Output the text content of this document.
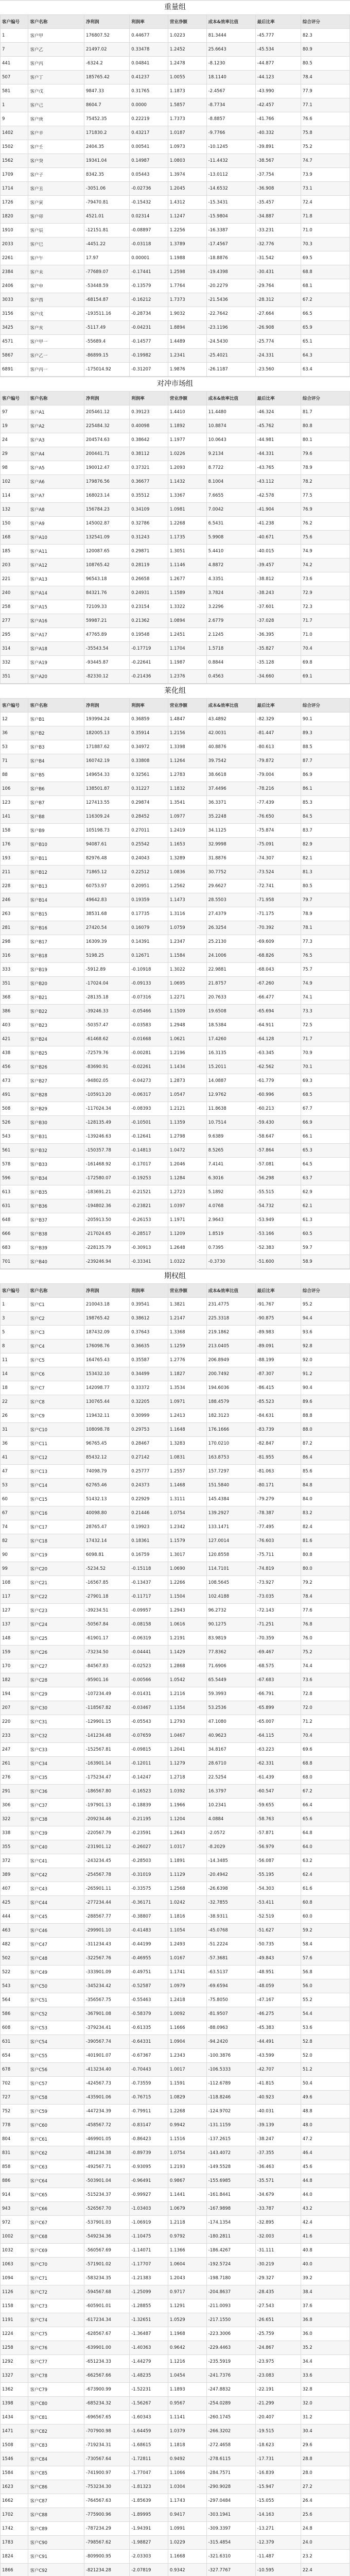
重量组
客户编号	客户名称	净利润	利润率	营业净额	成本&效率比值	最后比率	综合评分
1	客户甲	176807.52	0.44677	1.0223	81.3444	-45.777	82.3
7	客户乙	21497.02	0.33478	1.2452	25.6643	-45.534	80.9
441	客户丙	-6324.2	0.04841	1.2478	-8.1230	-44.877	80.5
507	客户丁	185765.42	0.41237	1.0055	18.1140	-44.123	78.4
581	客户戊	9847.33	0.31765	1.1873	-2.4567	-43.990	77.9
1	客户己	8604.7	0.0000	1.5857	-8.7734	-42.457	77.1
9	客户庚	75452.35	0.22219	1.7373	-8.8857	-41.766	76.6
1402	客户辛	171830.2	0.43217	1.0187	-9.7766	-40.332	75.8
1502	客户壬	2404.35	0.00541	1.0973	-10.1245	-39.891	75.2
1562	客户癸	19341.04	0.14987	1.0803	-11.4432	-38.567	74.7
1709	客户子	8342.35	0.05443	1.3974	-13.0112	-37.754	73.9
1714	客户丑	-3051.06	-0.02736	1.2045	-14.6532	-36.908	73.1
1726	客户寅	-79470.81	-0.15432	1.4312	-15.3431	-35.457	72.4
1820	客户卯	4521.01	0.02314	1.1247	-15.9804	-34.887	71.8
1910	客户辰	-12151.81	-0.08897	1.2256	-16.3387	-33.231	71.0
2033	客户巳	-4451.22	-0.03118	1.3789	-17.4567	-32.776	70.3
2261	客户午	17.97	0.00001	1.1988	-18.8876	-31.542	69.5
2384	客户未	-77689.07	-0.17441	1.2598	-19.4398	-30.431	68.8
2406	客户申	-53448.59	-0.13579	1.7764	-20.2279	-29.764	68.1
3033	客户酉	-68154.87	-0.16212	1.7373	-21.5436	-28.312	67.2
3156	客户戌	-193511.16	-0.28734	1.9032	-22.7642	-27.664	66.5
3425	客户亥	-5117.49	-0.04231	1.8894	-23.1196	-26.908	65.9
4571	客户甲一	-55689.4	-0.14577	1.4489	-24.5430	-25.774	65.1
5867	客户乙一	-86899.15	-0.19982	1.2341	-25.4021	-24.331	64.3
6891	客户丙一	-175014.92	-0.31207	1.9876	-26.1187	-23.560	63.4
对冲市场组
客户编号	客户名称	净利润	利润率	营业净额	成本&效率比值	最后比率	综合评分
97	客户A1	205461.12	0.39123	1.4410	11.4480	-46.324	81.7
19	客户A2	225484.32	0.40098	1.1892	10.8874	-45.762	80.8
24	客户A3	204574.63	0.38642	1.1977	10.0643	-44.981	80.1
29	客户A4	200441.71	0.38112	1.0226	9.2134	-44.331	79.6
98	客户A5	190012.47	0.37321	1.2093	8.7722	-43.765	78.9
102	客户A6	179876.56	0.36677	1.1432	8.1004	-43.112	78.2
114	客户A7	168023.14	0.35512	1.3367	7.6655	-42.578	77.5
132	客户A8	156784.23	0.34109	1.0981	7.0042	-41.904	76.9
150	客户A9	145002.87	0.32786	1.2268	6.5431	-41.238	76.2
168	客户A10	132541.09	0.31243	1.1735	5.9908	-40.671	75.6
185	客户A11	120087.65	0.29871	1.3051	5.4410	-40.015	74.9
203	客户A12	108765.42	0.28119	1.1146	4.8872	-39.457	74.2
221	客户A13	96543.18	0.26658	1.2677	4.3351	-38.812	73.6
240	客户A14	84321.76	0.24931	1.1589	3.7824	-38.243	72.9
258	客户A15	72109.33	0.23154	1.3322	3.2296	-37.601	72.3
277	客户A16	59987.21	0.21362	1.0894	2.6779	-37.028	71.7
295	客户A17	47765.89	0.19548	1.2451	2.1245	-36.395	71.0
314	客户A18	-35543.54	-0.17719	1.1704	1.5718	-35.827	70.4
332	客户A19	-93445.87	-0.22641	1.1987	0.8844	-35.128	69.8
351	客户A20	-82330.12	-0.21436	1.2376	0.4563	-34.660	69.1
莱化组
客户编号	客户名称	净利润	利润率	营业净额	成本&效率比值	最后比率	综合评分
12	客户B1	193994.24	0.36859	1.4847	43.4892	-82.329	90.1
36	客户B2	182005.13	0.35914	1.2156	42.0031	-81.447	89.3
53	客户B3	171887.62	0.34972	1.3398	40.8876	-80.613	88.5
71	客户B4	160742.19	0.33808	1.1264	39.7542	-79.872	87.7
88	客户B5	149654.33	0.32561	1.2783	38.6618	-79.004	86.9
106	客户B6	138501.87	0.31227	1.1832	37.4496	-78.216	86.1
123	客户B7	127413.55	0.29874	1.3541	36.3371	-77.439	85.3
141	客户B8	116309.24	0.28452	1.0977	35.2248	-76.650	84.5
158	客户B9	105198.73	0.27011	1.2419	34.1125	-75.874	83.7
176	客户B10	94087.61	0.25542	1.1653	32.9998	-75.091	82.9
193	客户B11	82976.48	0.24043	1.3289	31.8876	-74.307	82.1
211	客户B12	71865.12	0.22512	1.0836	30.7752	-73.524	81.3
228	客户B13	60753.97	0.20951	1.2562	29.6627	-72.741	80.5
246	客户B14	49642.83	0.19359	1.1473	28.5503	-71.958	79.7
263	客户B15	38531.68	0.17735	1.3116	27.4379	-71.175	78.9
281	客户B16	27420.54	0.16079	1.0759	26.3254	-70.392	78.1
298	客户B17	16309.39	0.14391	1.2347	25.2130	-69.609	77.3
316	客户B18	5198.25	0.12671	1.1584	24.1006	-68.826	76.5
333	客户B19	-5912.89	-0.10918	1.3022	22.9881	-68.043	75.7
351	客户B20	-17024.04	-0.09133	1.0695	21.8757	-67.260	74.9
368	客户B21	-28135.18	-0.07316	1.2271	20.7633	-66.477	74.1
386	客户B22	-39246.33	-0.05466	1.1509	19.6508	-65.694	73.3
403	客户B23	-50357.47	-0.03583	1.2948	18.5384	-64.911	72.5
421	客户B24	-61468.62	-0.01668	1.0621	17.4260	-64.128	71.7
438	客户B25	-72579.76	-0.00281	1.2196	16.3135	-63.345	70.9
456	客户B26	-83690.91	-0.02261	1.1434	15.2011	-62.562	70.1
473	客户B27	-94802.05	-0.04273	1.2873	14.0887	-61.779	69.3
491	客户B28	-105913.20	-0.06317	1.0547	12.9762	-60.996	68.5
508	客户B29	-117024.34	-0.08393	1.2121	11.8638	-60.213	67.7
526	客户B30	-128135.49	-0.10501	1.1359	10.7514	-59.430	66.9
543	客户B31	-139246.63	-0.12641	1.2798	9.6389	-58.647	66.1
561	客户B32	-150357.78	-0.14813	1.0472	8.5265	-57.864	65.3
578	客户B33	-161468.92	-0.17017	1.2046	7.4141	-57.081	64.5
596	客户B34	-172580.07	-0.19253	1.1284	6.3016	-56.298	63.7
613	客户B35	-183691.21	-0.21521	1.2723	5.1892	-55.515	62.9
631	客户B36	-194802.36	-0.23821	1.0397	4.0768	-54.732	62.1
648	客户B37	-205913.50	-0.26153	1.1971	2.9643	-53.949	61.3
666	客户B38	-217024.65	-0.28517	1.1209	1.8519	-53.166	60.5
683	客户B39	-228135.79	-0.30913	1.2648	0.7395	-52.383	59.7
701	客户B40	-239246.94	-0.33341	1.0322	-0.3730	-51.600	58.9
期权组
客户编号	客户名称	净利润	利润率	营业净额	成本&效率比值	最后比率	综合评分
1	客户C1	210043.18	0.39541	1.3821	231.4775	-91.767	95.2
3	客户C2	198765.42	0.38612	1.2147	225.3318	-90.875	94.4
5	客户C3	187432.09	0.37643	1.3368	219.1862	-89.983	93.6
8	客户C4	176098.76	0.36635	1.1259	213.0405	-89.091	92.8
11	客户C5	164765.43	0.35587	1.2776	206.8949	-88.199	92.0
14	客户C6	153432.10	0.34499	1.1827	200.7492	-87.307	91.2
18	客户C7	142098.77	0.33372	1.3534	194.6036	-86.415	90.4
22	客户C8	130765.44	0.32205	1.0971	188.4579	-85.523	89.6
26	客户C9	119432.11	0.30999	1.2413	182.3123	-84.631	88.8
31	客户C10	108098.78	0.29753	1.1648	176.1666	-83.739	88.0
36	客户C11	96765.45	0.28467	1.3283	170.0210	-82.847	87.2
41	客户C12	85432.12	0.27142	1.0831	163.8753	-81.955	86.4
47	客户C13	74098.79	0.25777	1.2557	157.7297	-81.063	85.6
53	客户C14	62765.46	0.24373	1.1468	151.5840	-80.171	84.8
60	客户C15	51432.13	0.22929	1.3111	145.4384	-79.279	84.0
67	客户C16	40098.80	0.21446	1.0754	139.2927	-78.387	83.2
74	客户C17	28765.47	0.19923	1.2342	133.1471	-77.495	82.4
82	客户C18	17432.14	0.18361	1.1579	127.0014	-76.603	81.6
90	客户C19	6098.81	0.16759	1.3017	120.8558	-75.711	80.8
99	客户C20	-5234.52	-0.15118	1.0690	114.7101	-74.819	80.0
108	客户C21	-16567.85	-0.13437	1.2266	108.5645	-73.927	79.2
117	客户C22	-27901.18	-0.11717	1.1504	102.4188	-73.035	78.4
127	客户C23	-39234.51	-0.09957	1.2943	96.2732	-72.143	77.6
137	客户C24	-50567.84	-0.08158	1.0616	90.1275	-71.251	76.8
148	客户C25	-61901.17	-0.06319	1.2191	83.9819	-70.359	76.0
159	客户C26	-73234.50	-0.04441	1.1429	77.8362	-69.467	75.2
170	客户C27	-84567.83	-0.02523	1.2868	71.6906	-68.575	74.4
182	客户C28	-95901.16	-0.00566	1.0542	65.5449	-67.683	73.6
194	客户C29	-107234.49	-0.01431	1.2116	59.3993	-66.791	72.8
207	客户C30	-118567.82	-0.03467	1.1354	53.2536	-65.899	72.0
220	客户C31	-129901.15	-0.05543	1.2793	47.1080	-65.007	71.2
233	客户C32	-141234.48	-0.07659	1.0467	40.9623	-64.115	70.4
247	客户C33	-152567.81	-0.09815	1.2041	34.8167	-63.223	69.6
261	客户C34	-163901.14	-0.12011	1.1279	28.6710	-62.331	68.8
276	客户C35	-175234.47	-0.14247	1.2718	22.5254	-61.439	68.0
291	客户C36	-186567.80	-0.16523	1.0392	16.3797	-60.547	67.2
306	客户C37	-197901.13	-0.18839	1.1966	10.2341	-59.655	66.4
322	客户C38	-209234.46	-0.21195	1.1204	4.0884	-58.763	65.6
338	客户C39	-220567.79	-0.23591	1.2643	-2.0572	-57.871	64.8
355	客户C40	-231901.12	-0.26027	1.0317	-8.2029	-56.979	64.0
372	客户C41	-243234.45	-0.28503	1.1891	-14.3485	-56.087	63.2
389	客户C42	-254567.78	-0.31019	1.1129	-20.4942	-55.195	62.4
407	客户C43	-265901.11	-0.33575	1.2568	-26.6398	-54.303	61.6
425	客户C44	-277234.44	-0.36171	1.0242	-32.7855	-53.411	60.8
444	客户C45	-288567.77	-0.38807	1.1816	-38.9311	-52.519	60.0
463	客户C46	-299901.10	-0.41483	1.1054	-45.0768	-51.627	59.2
482	客户C47	-311234.43	-0.44199	1.2493	-51.2224	-50.735	58.4
502	客户C48	-322567.76	-0.46955	1.0167	-57.3681	-49.843	57.6
522	客户C49	-333901.09	-0.49751	1.1741	-63.5137	-48.951	56.8
543	客户C50	-345234.42	-0.52587	1.0979	-69.6594	-48.059	56.0
564	客户C51	-356567.75	-0.55463	1.2418	-75.8050	-47.167	55.2
586	客户C52	-367901.08	-0.58379	1.0092	-81.9507	-46.275	54.4
608	客户C53	-379234.41	-0.61335	1.1666	-88.0963	-45.383	53.6
631	客户C54	-390567.74	-0.64331	1.0904	-94.2420	-44.491	52.8
654	客户C55	-401901.07	-0.67367	1.2343	-100.3876	-43.599	52.0
678	客户C56	-413234.40	-0.70443	1.0017	-106.5333	-42.707	51.2
702	客户C57	-424567.73	-0.73559	1.1591	-112.6789	-41.815	50.4
727	客户C58	-435901.06	-0.76715	1.0829	-118.8246	-40.923	49.6
752	客户C59	-447234.39	-0.79911	1.2268	-124.9702	-40.031	48.8
778	客户C60	-458567.72	-0.83147	0.9942	-131.1159	-39.139	48.0
804	客户C61	-469901.05	-0.86423	1.1516	-137.2615	-38.247	47.2
831	客户C62	-481234.38	-0.89739	1.0754	-143.4072	-37.355	46.4
858	客户C63	-492567.71	-0.93095	1.2193	-149.5528	-36.463	45.6
886	客户C64	-503901.04	-0.96491	0.9867	-155.6985	-35.571	44.8
914	客户C65	-515234.37	-0.99927	1.1441	-161.8441	-34.679	44.0
943	客户C66	-526567.70	-1.03403	1.0679	-167.9898	-33.787	43.2
972	客户C67	-537901.03	-1.06919	1.2118	-174.1354	-32.895	42.4
1002	客户C68	-549234.36	-1.10475	0.9792	-180.2811	-32.003	41.6
1032	客户C69	-560567.69	-1.14071	1.1366	-186.4267	-31.111	40.8
1063	客户C70	-571901.02	-1.17707	1.0604	-192.5724	-30.219	40.0
1094	客户C71	-583234.35	-1.21383	1.2043	-198.7180	-29.327	39.2
1126	客户C72	-594567.68	-1.25099	0.9717	-204.8637	-28.435	38.4
1158	客户C73	-605901.01	-1.28855	1.1291	-211.0093	-27.543	37.6
1191	客户C74	-617234.34	-1.32651	1.0529	-217.1550	-26.651	36.8
1224	客户C75	-628567.67	-1.36487	1.1968	-223.3006	-25.759	36.0
1258	客户C76	-639901.00	-1.40363	0.9642	-229.4463	-24.867	35.2
1292	客户C77	-651234.33	-1.44279	1.1216	-235.5919	-23.975	34.4
1327	客户C78	-662567.66	-1.48235	1.0454	-241.7376	-23.083	33.6
1362	客户C79	-673900.99	-1.52231	1.1893	-247.8832	-22.191	32.8
1398	客户C80	-685234.32	-1.56267	0.9567	-254.0289	-21.299	32.0
1434	客户C81	-696567.65	-1.60343	1.1141	-260.1745	-20.407	31.2
1471	客户C82	-707900.98	-1.64459	1.0379	-266.3202	-19.515	30.4
1508	客户C83	-719234.31	-1.68615	1.1818	-272.4658	-18.623	29.6
1546	客户C84	-730567.64	-1.72811	0.9492	-278.6115	-17.731	28.8
1584	客户C85	-741900.97	-1.77047	1.1066	-284.7571	-16.839	28.0
1623	客户C86	-753234.30	-1.81323	1.0304	-290.9028	-15.947	27.2
1662	客户C87	-764567.63	-1.85639	1.1743	-297.0484	-15.055	26.4
1702	客户C88	-775900.96	-1.89995	0.9417	-303.1941	-14.163	25.6
1742	客户C89	-787234.29	-1.94391	1.0991	-309.3397	-13.271	24.8
1783	客户C90	-798567.62	-1.98827	1.0229	-315.4854	-12.379	24.0
1824	客户C91	-809900.95	-2.03303	1.1668	-321.6310	-11.487	23.2
1866	客户C92	-821234.28	-2.07819	0.9342	-327.7767	-10.595	22.4
